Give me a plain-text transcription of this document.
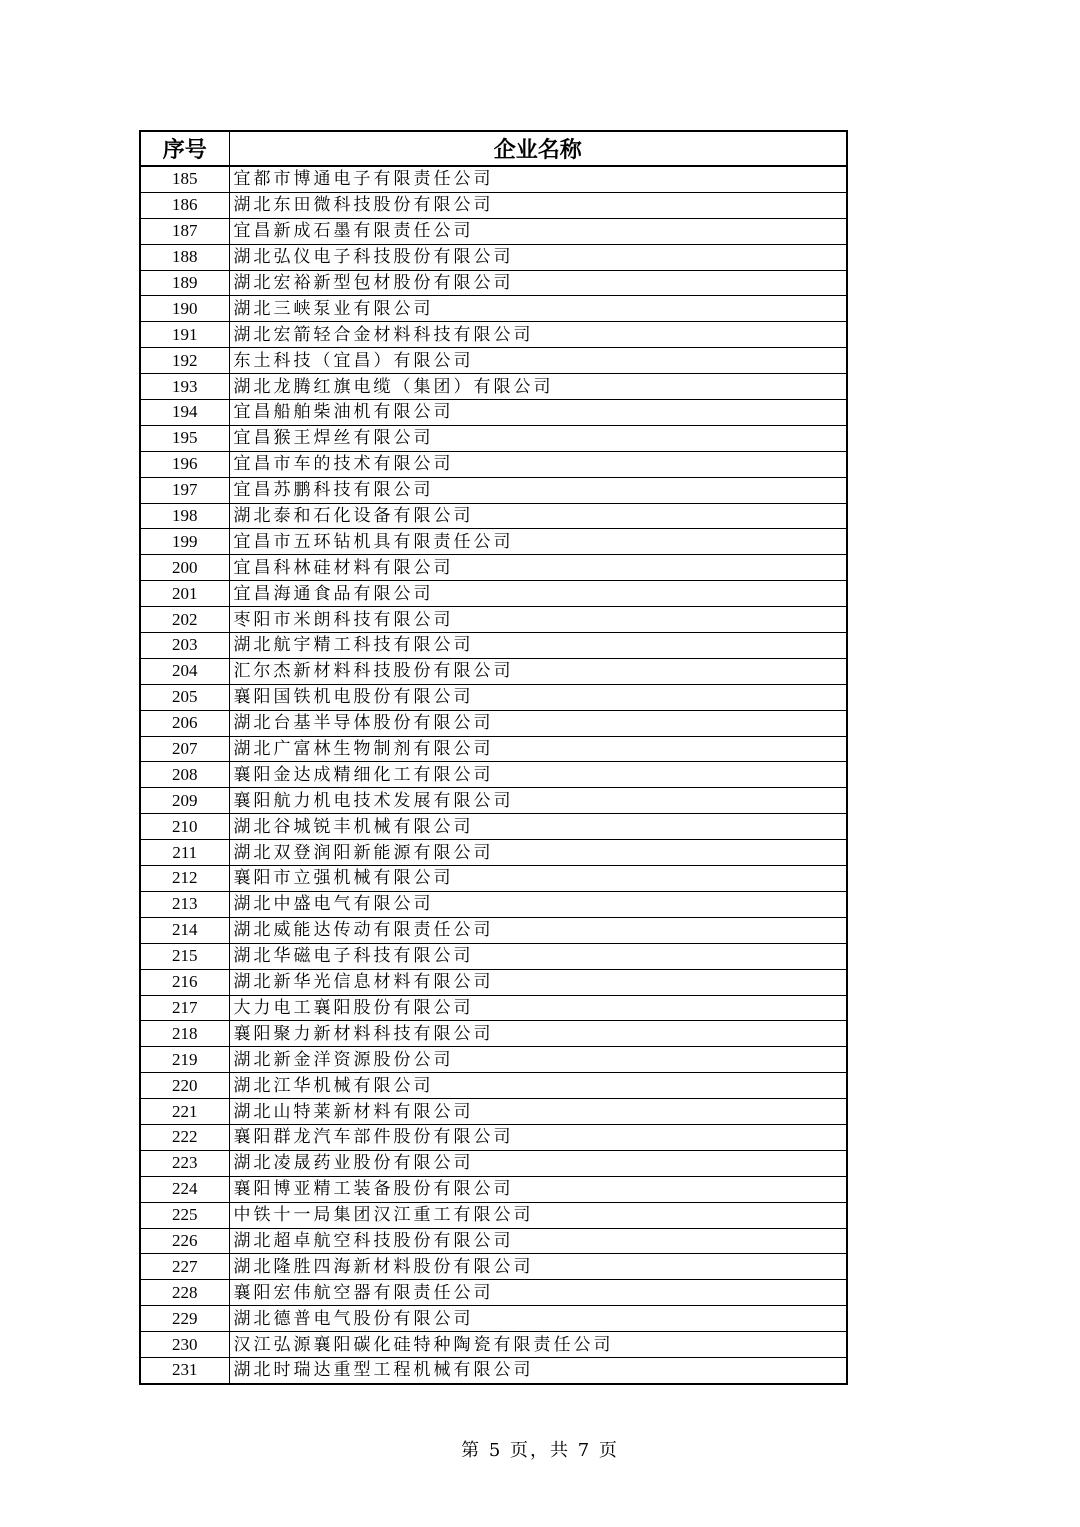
序号	企业名称
185	宜都市博通电子有限责任公司
186	湖北东田微科技股份有限公司
187	宜昌新成石墨有限责任公司
188	湖北弘仪电子科技股份有限公司
189	湖北宏裕新型包材股份有限公司
190	湖北三峡泵业有限公司
191	湖北宏箭轻合金材料科技有限公司
192	东土科技（宜昌）有限公司
193	湖北龙腾红旗电缆（集团）有限公司
194	宜昌船舶柴油机有限公司
195	宜昌猴王焊丝有限公司
196	宜昌市车的技术有限公司
197	宜昌苏鹏科技有限公司
198	湖北泰和石化设备有限公司
199	宜昌市五环钻机具有限责任公司
200	宜昌科林硅材料有限公司
201	宜昌海通食品有限公司
202	枣阳市米朗科技有限公司
203	湖北航宇精工科技有限公司
204	汇尔杰新材料科技股份有限公司
205	襄阳国铁机电股份有限公司
206	湖北台基半导体股份有限公司
207	湖北广富林生物制剂有限公司
208	襄阳金达成精细化工有限公司
209	襄阳航力机电技术发展有限公司
210	湖北谷城锐丰机械有限公司
211	湖北双登润阳新能源有限公司
212	襄阳市立强机械有限公司
213	湖北中盛电气有限公司
214	湖北威能达传动有限责任公司
215	湖北华磁电子科技有限公司
216	湖北新华光信息材料有限公司
217	大力电工襄阳股份有限公司
218	襄阳聚力新材料科技有限公司
219	湖北新金洋资源股份公司
220	湖北江华机械有限公司
221	湖北山特莱新材料有限公司
222	襄阳群龙汽车部件股份有限公司
223	湖北凌晟药业股份有限公司
224	襄阳博亚精工装备股份有限公司
225	中铁十一局集团汉江重工有限公司
226	湖北超卓航空科技股份有限公司
227	湖北隆胜四海新材料股份有限公司
228	襄阳宏伟航空器有限责任公司
229	湖北德普电气股份有限公司
230	汉江弘源襄阳碳化硅特种陶瓷有限责任公司
231	湖北时瑞达重型工程机械有限公司
第 5 页，共 7 页
